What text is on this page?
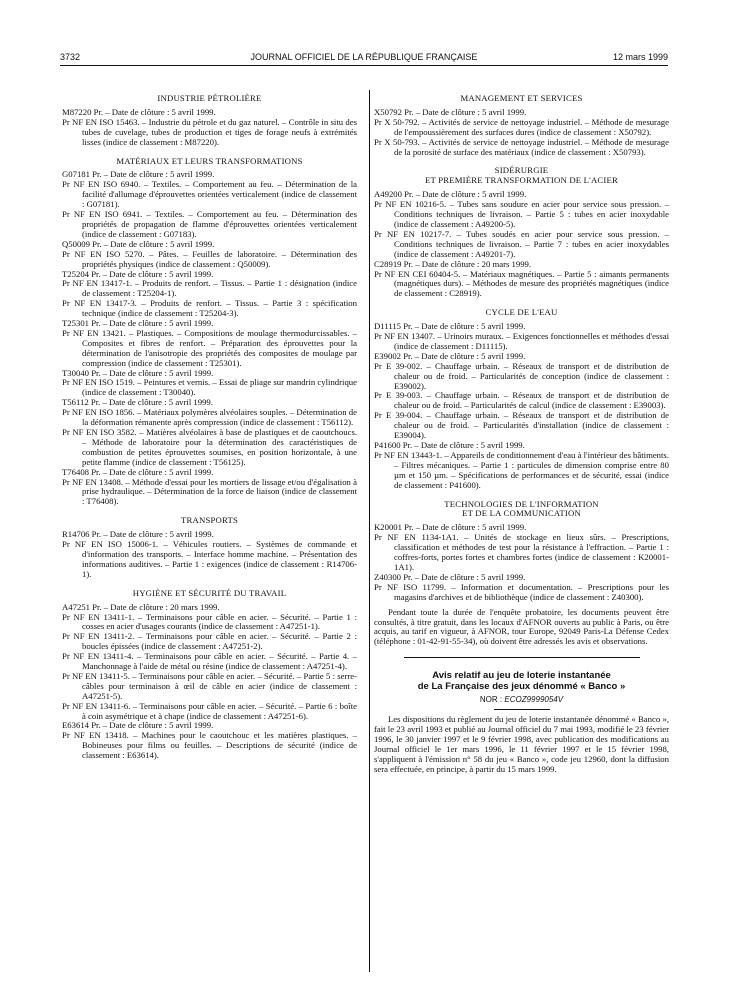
3732	JOURNAL OFFICIEL DE LA RÉPUBLIQUE FRANÇAISE	12 mars 1999
INDUSTRIE PÉTROLIÈRE

M87220 Pr. – Date de clôture : 5 avril 1999.

Pr NF EN ISO 15463. – Industrie du pétrole et du gaz naturel. – Contrôle in situ des tubes de cuvelage, tubes de production et tiges de forage neufs à extrémités lisses (indice de classement : M87220).

MATÉRIAUX ET LEURS TRANSFORMATIONS

G07181 Pr. – Date de clôture : 5 avril 1999.

Pr NF EN ISO 6940. – Textiles. – Comportement au feu. – Détermination de la facilité d'allumage d'éprouvettes orientées verticalement (indice de classement : G07181).

Pr NF EN ISO 6941. – Textiles. – Comportement au feu. – Détermination des propriétés de propagation de flamme d'éprouvettes orientées verticalement (indice de classement : G07183).

Q50009 Pr. – Date de clôture : 5 avril 1999.

Pr NF EN ISO 5270. – Pâtes. – Feuilles de laboratoire. – Détermination des propriétés physiques (indice de classement : Q50009).

T25204 Pr. – Date de clôture : 5 avril 1999.

Pr NF EN 13417-1. – Produits de renfort. – Tissus. – Partie 1 : désignation (indice de classement : T25204-1).

Pr NF EN 13417-3. – Produits de renfort. – Tissus. – Partie 3 : spécification technique (indice de classement : T25204-3).

T25301 Pr. – Date de clôture : 5 avril 1999.

Pr NF EN 13421. – Plastiques. – Compositions de moulage thermodurcissables. – Composites et fibres de renfort. – Préparation des éprouvettes pour la détermination de l'anisotropie des propriétés des composites de moulage par compression (indice de classement : T25301).

T30040 Pr. – Date de clôture : 5 avril 1999.

Pr NF EN ISO 1519. – Peintures et vernis. – Essai de pliage sur mandrin cylindrique (indice de classement : T30040).

T56112 Pr. – Date de clôture : 5 avril 1999.

Pr NF EN ISO 1856. – Matériaux polymères alvéolaires souples. – Détermination de la déformation rémanente après compression (indice de classement : T56112).

Pr NF EN ISO 3582. – Matières alvéolaires à base de plastiques et de caoutchoucs. – Méthode de laboratoire pour la détermination des caractéristiques de combustion de petites éprouvettes soumises, en position horizontale, à une petite flamme (indice de classement : T56125).

T76408 Pr. – Date de clôture : 5 avril 1999.

Pr NF EN 13408. – Méthode d'essai pour les mortiers de lissage et/ou d'égalisation à prise hydraulique. – Détermination de la force de liaison (indice de classement : T76408).

TRANSPORTS

R14706 Pr. – Date de clôture : 5 avril 1999.

Pr NF EN ISO 15006-1. – Véhicules routiers. – Systèmes de commande et d'information des transports. – Interface homme machine. – Présentation des informations auditives. – Partie 1 : exigences (indice de classement : R14706-1).

HYGIÈNE ET SÉCURITÉ DU TRAVAIL

A47251 Pr. – Date de clôture : 20 mars 1999.

Pr NF EN 13411-1. – Terminaisons pour câble en acier. – Sécurité. – Partie 1 : cosses en acier d'usages courants (indice de classement : A47251-1).

Pr NF EN 13411-2. – Terminaisons pour câble en acier. – Sécurité. – Partie 2 : boucles épissées (indice de classement : A47251-2).

Pr NF EN 13411-4. – Terminaisons pour câble en acier. – Sécurité. – Partie 4. – Manchonnage à l'aide de métal ou résine (indice de classement : A47251-4).

Pr NF EN 13411-5. – Terminaisons pour câble en acier. – Sécurité. – Partie 5 : serre-câbles pour terminaison à œil de câble en acier (indice de classement : A47251-5).

Pr NF EN 13411-6. – Terminaisons pour câble en acier. – Sécurité. – Partie 6 : boîte à coin asymétrique et à chape (indice de classement : A47251-6).

E63614 Pr. – Date de clôture : 5 avril 1999.

Pr NF EN 13418. – Machines pour le caoutchouc et les matières plastiques. – Bobineuses pour films ou feuilles. – Descriptions de sécurité (indice de classement : E63614).

MANAGEMENT ET SERVICES

X50792 Pr. – Date de clôture : 5 avril 1999.

Pr X 50-792. – Activités de service de nettoyage industriel. – Méthode de mesurage de l'empoussièrement des surfaces dures (indice de classement : X50792).

Pr X 50-793. – Activités de service de nettoyage industriel. – Méthode de mesurage de la porosité de surface des matériaux (indice de classement : X50793).

SIDÉRURGIE
ET PREMIÈRE TRANSFORMATION DE L'ACIER

A49200 Pr. – Date de clôture : 5 avril 1999.

Pr NF EN 10216-5. – Tubes sans soudure en acier pour service sous pression. – Conditions techniques de livraison. – Partie 5 : tubes en acier inoxydable (indice de classement : A49200-5).

Pr NF EN 10217-7. – Tubes soudés en acier pour service sous pression. – Conditions techniques de livraison. – Partie 7 : tubes en acier inoxydables (indice de classement : A49201-7).

C28919 Pr. – Date de clôture : 20 mars 1999.

Pr NF EN CEI 60404-5. – Matériaux magnétiques. – Partie 5 : aimants permanents (magnétiques durs). – Méthodes de mesure des propriétés magnétiques (indice de classement : C28919).

CYCLE DE L'EAU

D11115 Pr. – Date de clôture : 5 avril 1999.

Pr NF EN 13407. – Urinoirs muraux. – Exigences fonctionnelles et méthodes d'essai (indice de classement : D11115).

E39002 Pr. – Date de clôture : 5 avril 1999.

Pr E 39-002. – Chauffage urbain. – Réseaux de transport et de distribution de chaleur ou de froid. – Particularités de conception (indice de classement : E39002).

Pr E 39-003. – Chauffage urbain. – Réseaux de transport et de distribution de chaleur ou de froid. – Particularités de calcul (indice de classement : E39003).

Pr E 39-004. – Chauffage urbain. – Réseaux de transport et de distribution de chaleur ou de froid. – Particularités d'installation (indice de classement : E39004).

P41600 Pr. – Date de clôture : 5 avril 1999.

Pr NF EN 13443-1. – Appareils de conditionnement d'eau à l'intérieur des bâtiments. – Filtres mécaniques. – Partie 1 : particules de dimension comprise entre 80 µm et 150 µm. – Spécifications de performances et de sécurité, essai (indice de classement : P41600).

TECHNOLOGIES DE L'INFORMATION
ET DE LA COMMUNICATION

K20001 Pr. – Date de clôture : 5 avril 1999.

Pr NF EN 1134-1A1. – Unités de stockage en lieux sûrs. – Prescriptions, classification et méthodes de test pour la résistance à l'effraction. – Partie 1 : coffres-forts, portes fortes et chambres fortes (indice de classement : K20001-1A1).

Z40300 Pr. – Date de clôture : 5 avril 1999.

Pr NF ISO 11799. – Information et documentation. – Prescriptions pour les magasins d'archives et de bibliothèque (indice de classement : Z40300).

Pendant toute la durée de l'enquête probatoire, les documents peuvent être consultés, à titre gratuit, dans les locaux d'AFNOR ouverts au public à Paris, ou être acquis, au tarif en vigueur, à AFNOR, tour Europe, 92049 Paris-La Défense Cedex (téléphone : 01-42-91-55-34), où doivent être adressés les avis et observations.

Avis relatif au jeu de loterie instantanée
de La Française des jeux dénommé « Banco »
NOR : ECOZ9999054V

Les dispositions du règlement du jeu de loterie instantanée dénommé « Banco », fait le 23 avril 1993 et publié au Journal officiel du 7 mai 1993, modifié le 23 février 1996, le 30 janvier 1997 et le 9 février 1998, avec publication des modifications au Journal officiel le 1er mars 1996, le 11 février 1997 et le 15 février 1998, s'appliquent à l'émission n° 58 du jeu « Banco », code jeu 12960, dont la diffusion sera effectuée, en principe, à partir du 15 mars 1999.
